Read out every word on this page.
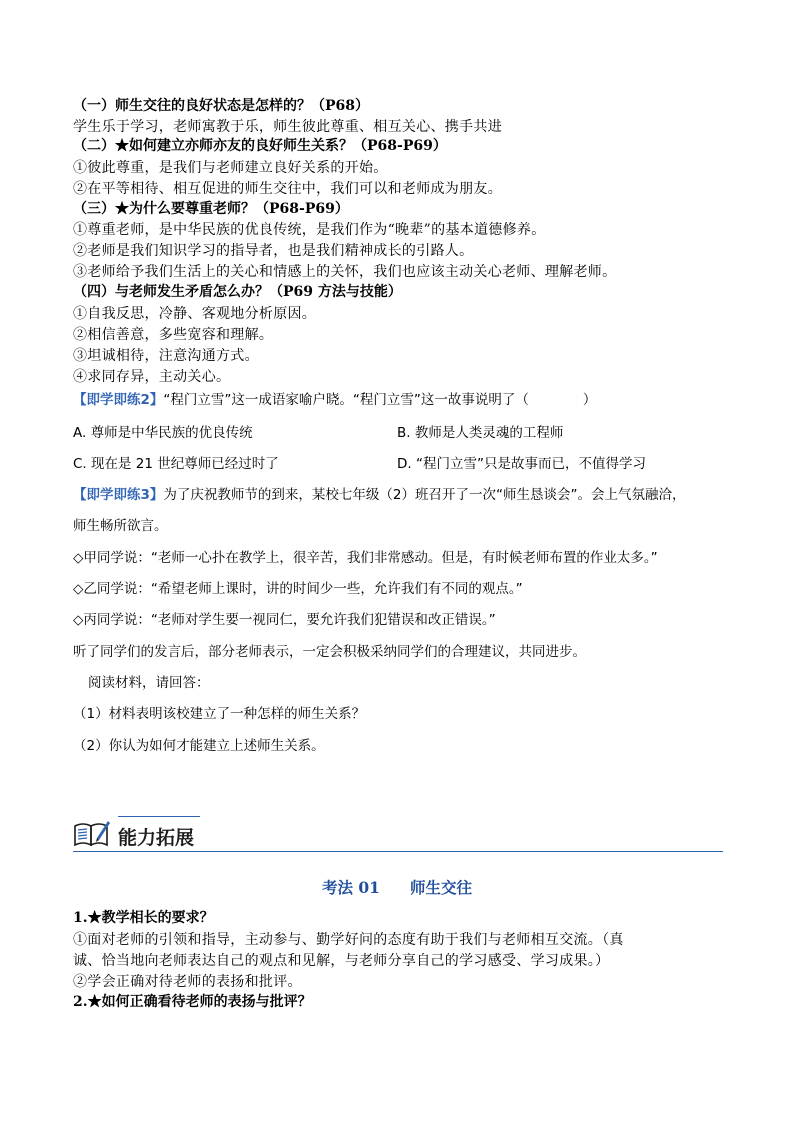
（一）师生交往的良好状态是怎样的？（P68）
学生乐于学习，老师寓教于乐，师生彼此尊重、相互关心、携手共进
（二）★如何建立亦师亦友的良好师生关系？（P68-P69）
①彼此尊重，是我们与老师建立良好关系的开始。
②在平等相待、相互促进的师生交往中，我们可以和老师成为朋友。
（三）★为什么要尊重老师？（P68-P69）
①尊重老师，是中华民族的优良传统，是我们作为“晚辈”的基本道德修养。
②老师是我们知识学习的指导者，也是我们精神成长的引路人。
③老师给予我们生活上的关心和情感上的关怀，我们也应该主动关心老师、理解老师。
（四）与老师发生矛盾怎么办？（P69 方法与技能）
①自我反思，冷静、客观地分析原因。
②相信善意，多些宽容和理解。
③坦诚相待，注意沟通方式。
④求同存异，主动关心。
【即学即练2】“程门立雪”这一成语家喻户晓。“程门立雪”这一故事说明了（　　　　）
A. 尊师是中华民族的优良传统	B. 教师是人类灵魂的工程师
C. 现在是 21 世纪尊师已经过时了	D. “程门立雪”只是故事而已，不值得学习
【即学即练3】为了庆祝教师节的到来，某校七年级（2）班召开了一次“师生恳谈会”。会上气氛融洽，
师生畅所欲言。
◇甲同学说：“老师一心扑在教学上，很辛苦，我们非常感动。但是，有时候老师布置的作业太多。”
◇乙同学说：“希望老师上课时，讲的时间少一些，允许我们有不同的观点。”
◇丙同学说：“老师对学生要一视同仁，要允许我们犯错误和改正错误。”
听了同学们的发言后，部分老师表示，一定会积极采纳同学们的合理建议，共同进步。
阅读材料，请回答：
（1）材料表明该校建立了一种怎样的师生关系？
（2）你认为如何才能建立上述师生关系。
能力拓展
考法 01 师生交往
1.★教学相长的要求？
①面对老师的引领和指导，主动参与、勤学好问的态度有助于我们与老师相互交流。（真
诚、恰当地向老师表达自己的观点和见解，与老师分享自己的学习感受、学习成果。）
②学会正确对待老师的表扬和批评。
2.★如何正确看待老师的表扬与批评？
